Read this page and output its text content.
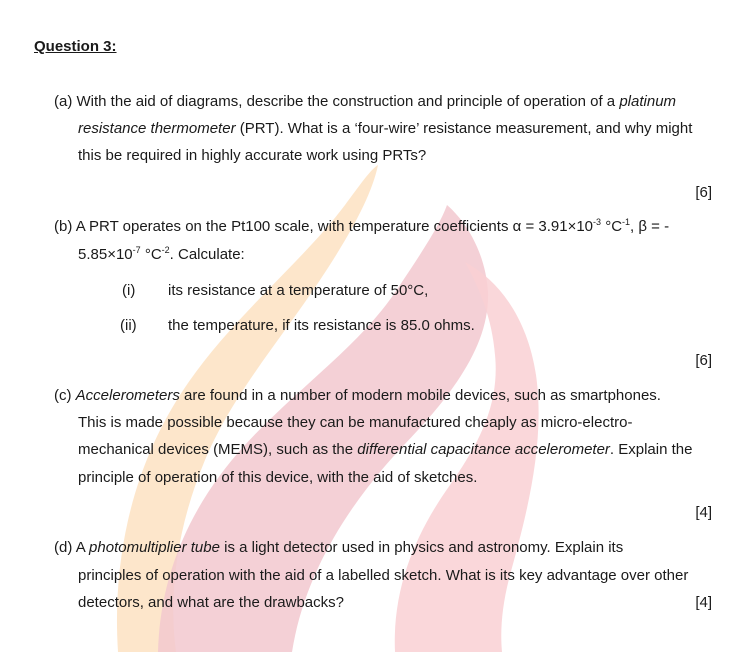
Question 3:
(a) With the aid of diagrams, describe the construction and principle of operation of a platinum
resistance thermometer (PRT). What is a ‘four-wire’ resistance measurement, and why might
this be required in highly accurate work using PRTs?
[6]
(b) A PRT operates on the Pt100 scale, with temperature coefficients $\alpha = 3.91\times 10^{-3}$ $^\circ C^{-1}$, β = -
$5.85\times 10^{-7}$ $^\circ C^{-2}$. Calculate:
(i) its resistance at a temperature of 50°C,
(ii) the temperature, if its resistance is 85.0 ohms.
[6]
(c) Accelerometers are found in a number of modern mobile devices, such as smartphones.
This is made possible because they can be manufactured cheaply as micro-electro-
mechanical devices (MEMS), such as the differential capacitance accelerometer. Explain the
principle of operation of this device, with the aid of sketches.
[4]
(d) A photomultiplier tube is a light detector used in physics and astronomy. Explain its
principles of operation with the aid of a labelled sketch. What is its key advantage over other
detectors, and what are the drawbacks?	[4]
